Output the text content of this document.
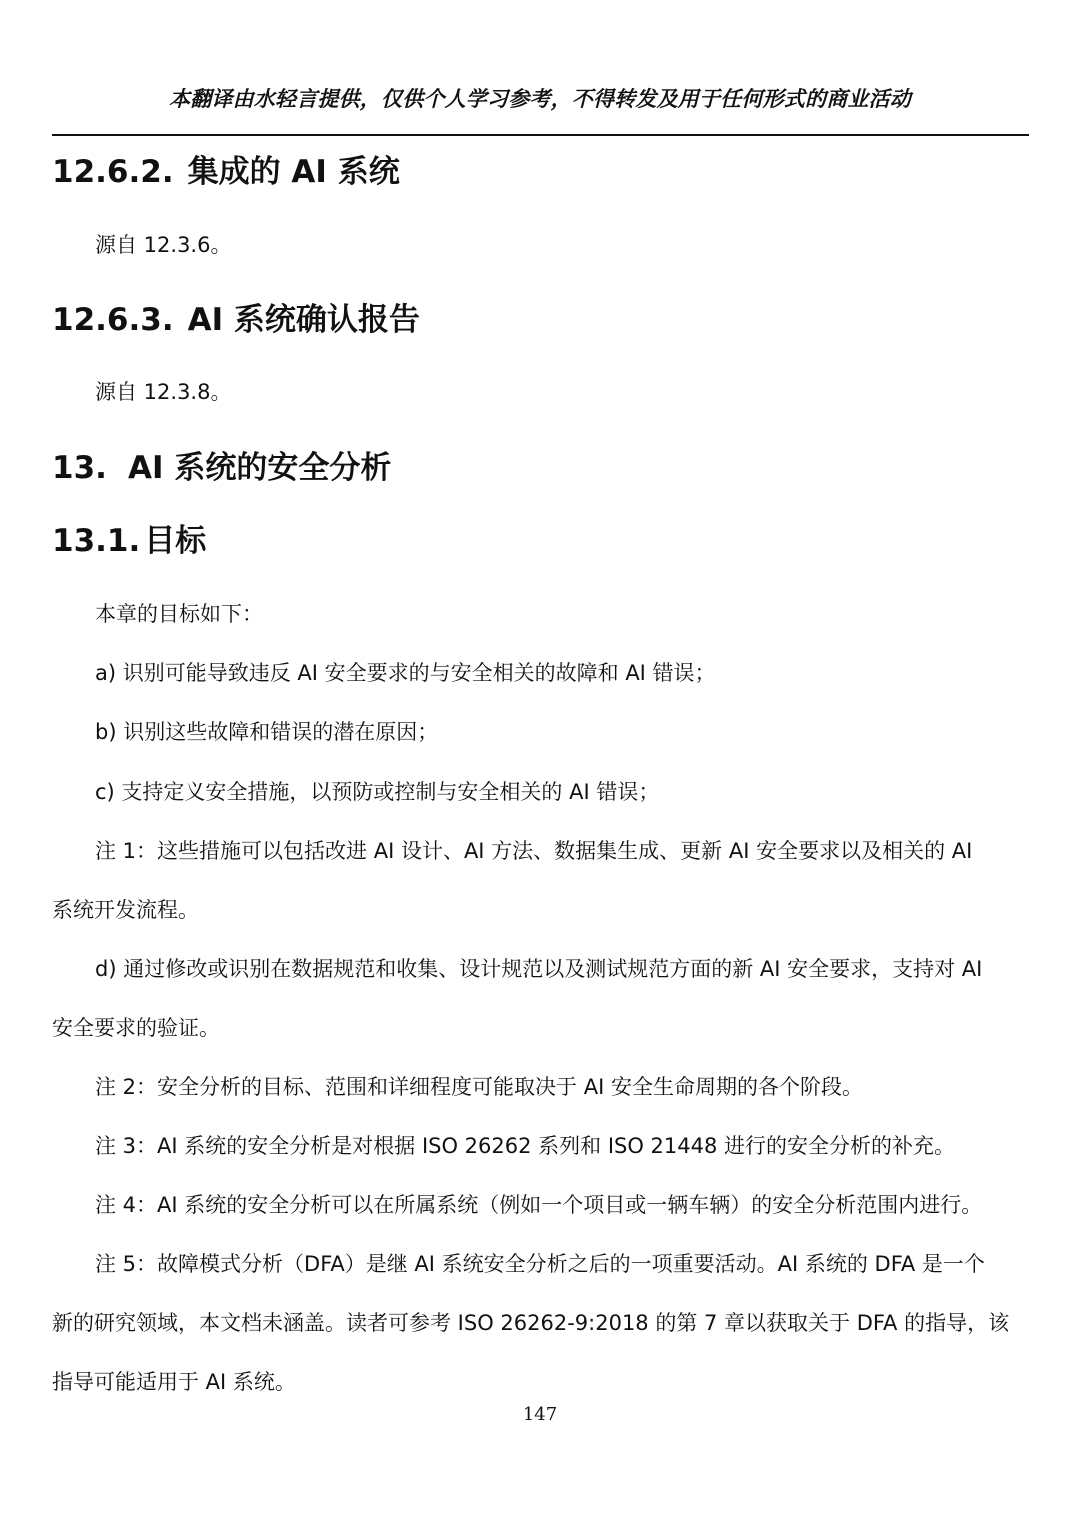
本翻译由水轻言提供，仅供个人学习参考，不得转发及用于任何形式的商业活动
12.6.2. 集成的 AI 系统
源自 12.3.6。
12.6.3. AI 系统确认报告
源自 12.3.8。
13. AI 系统的安全分析
13.1. 目标
本章的目标如下：
a) 识别可能导致违反 AI 安全要求的与安全相关的故障和 AI 错误；
b) 识别这些故障和错误的潜在原因；
c) 支持定义安全措施，以预防或控制与安全相关的 AI 错误；
注 1：这些措施可以包括改进 AI 设计、AI 方法、数据集生成、更新 AI 安全要求以及相关的 AI
系统开发流程。
d) 通过修改或识别在数据规范和收集、设计规范以及测试规范方面的新 AI 安全要求，支持对 AI
安全要求的验证。
注 2：安全分析的目标、范围和详细程度可能取决于 AI 安全生命周期的各个阶段。
注 3：AI 系统的安全分析是对根据 ISO 26262 系列和 ISO 21448 进行的安全分析的补充。
注 4：AI 系统的安全分析可以在所属系统（例如一个项目或一辆车辆）的安全分析范围内进行。
注 5：故障模式分析（DFA）是继 AI 系统安全分析之后的一项重要活动。AI 系统的 DFA 是一个
新的研究领域，本文档未涵盖。读者可参考 ISO 26262-9:2018 的第 7 章以获取关于 DFA 的指导，该
指导可能适用于 AI 系统。
147
